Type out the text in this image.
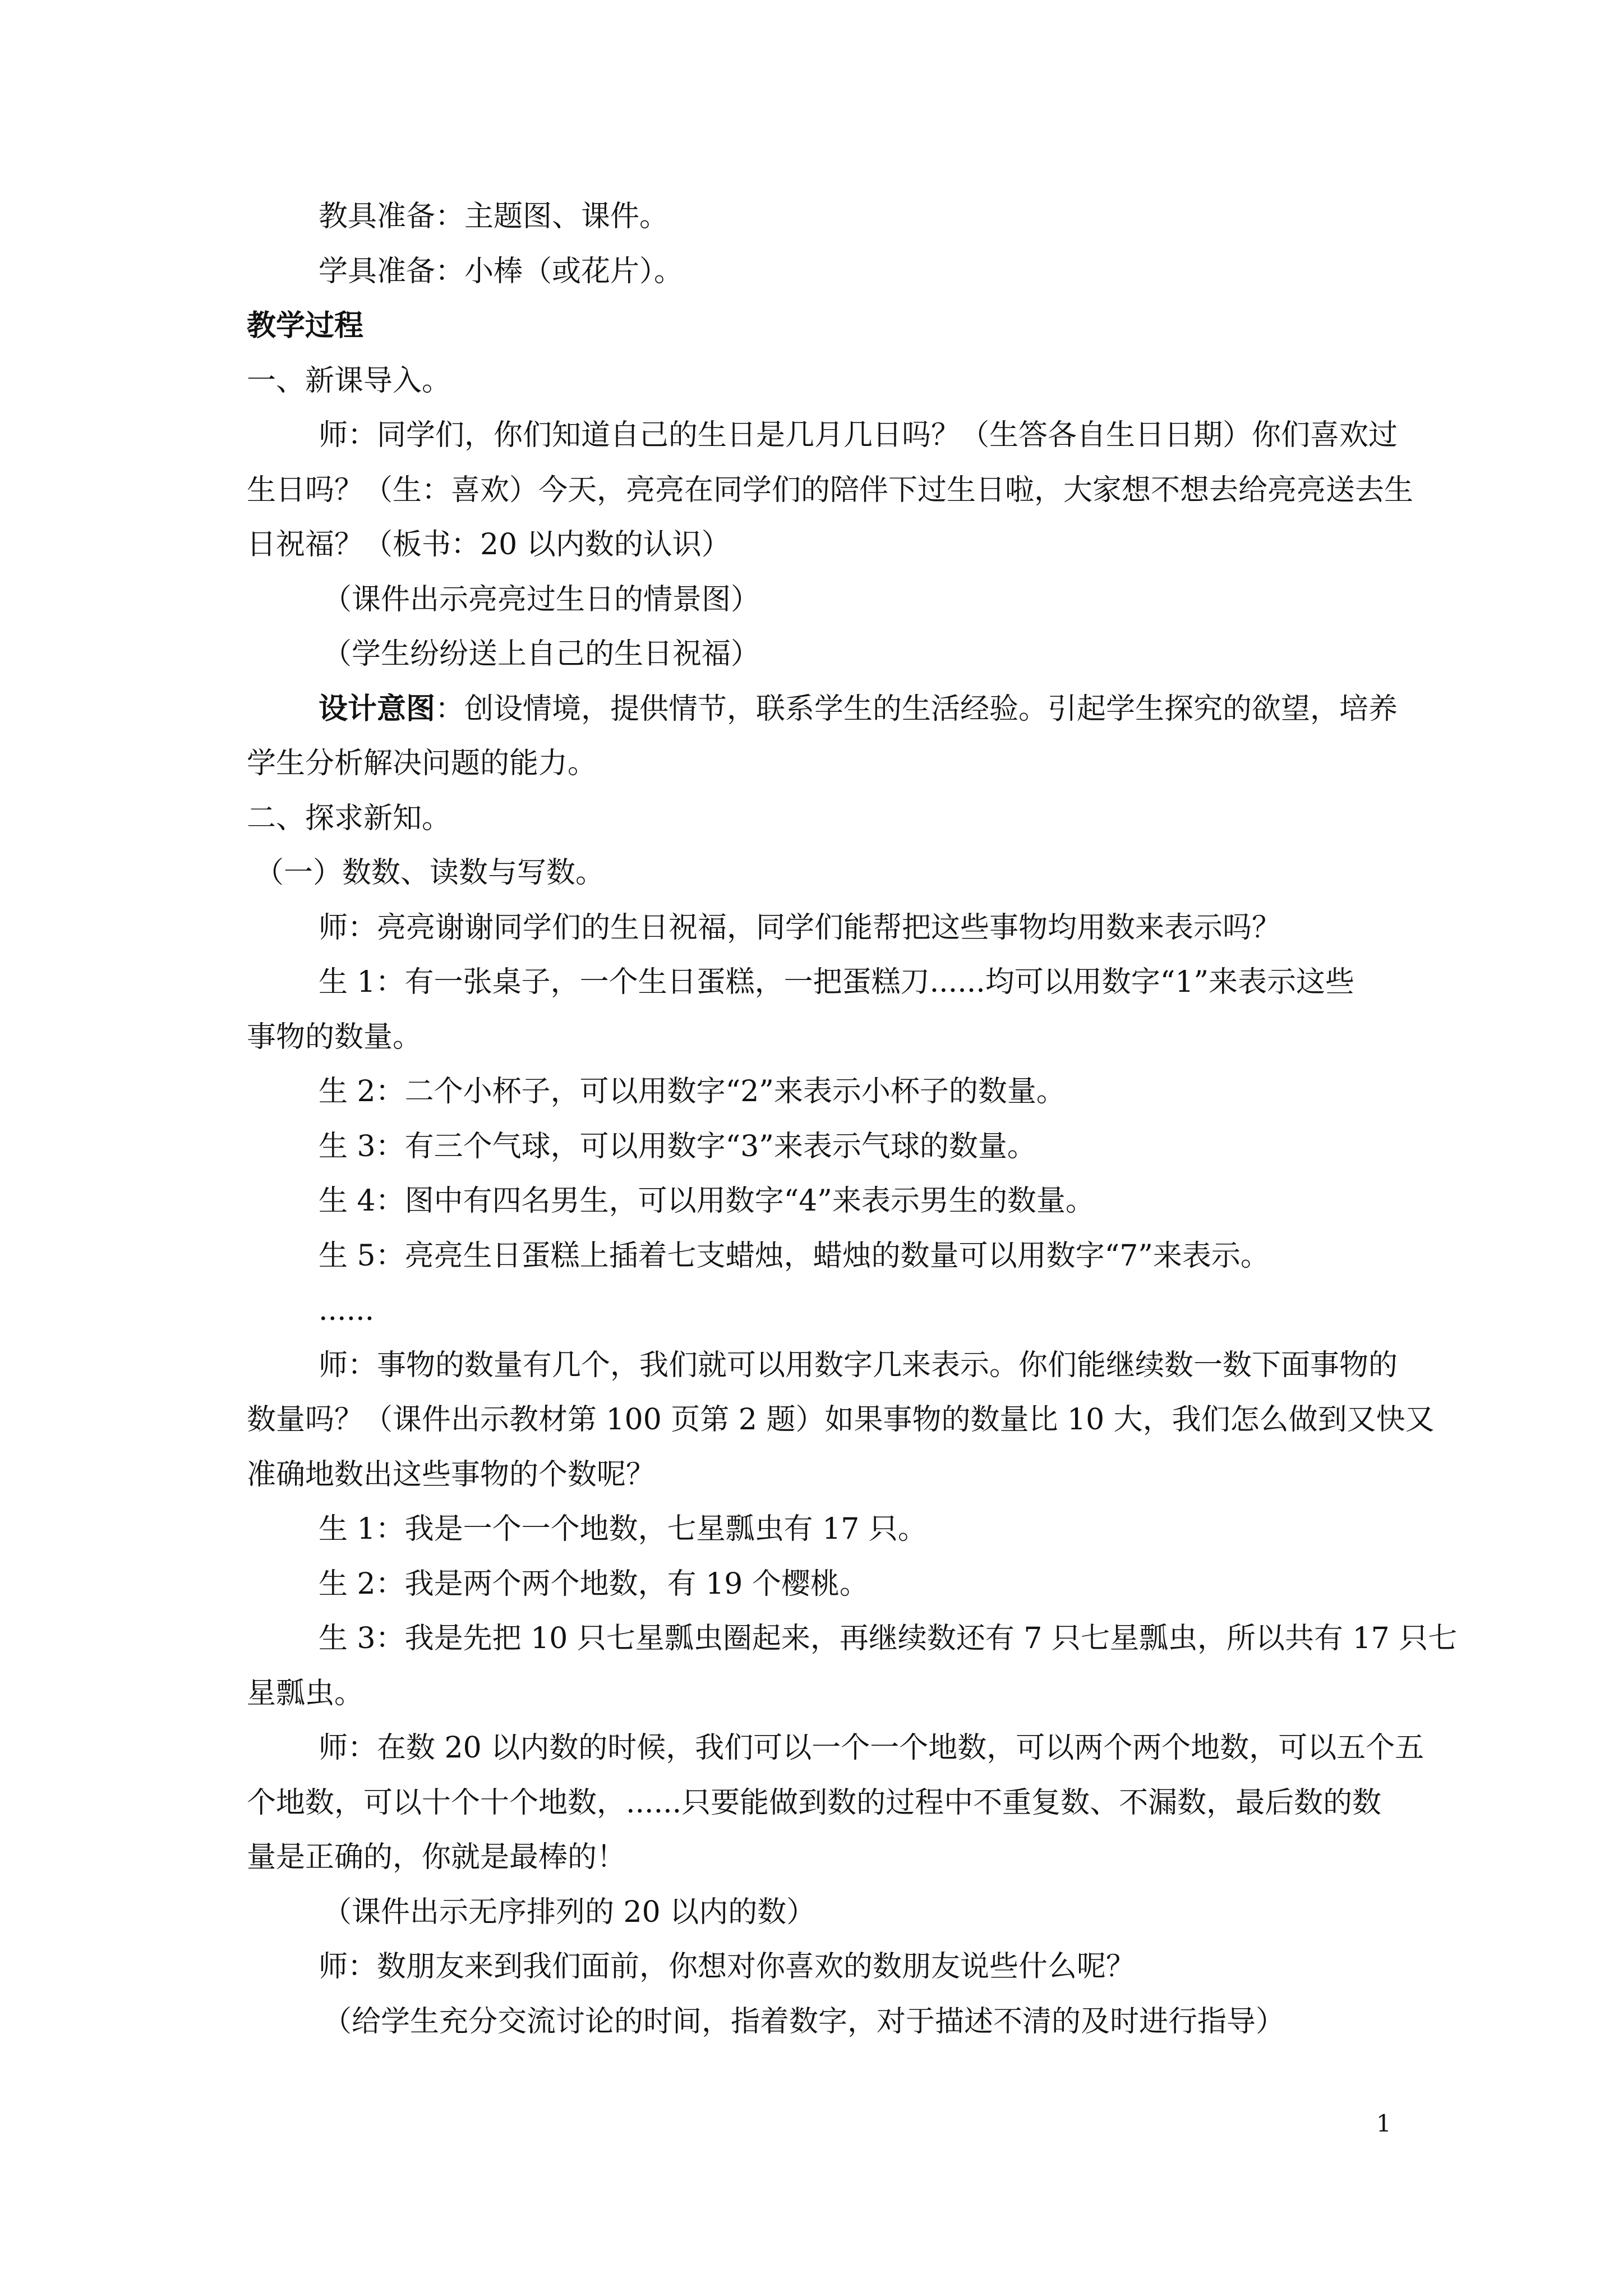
教具准备：主题图、课件。
学具准备：小棒（或花片）。
教学过程
一、新课导入。
师：同学们，你们知道自己的生日是几月几日吗？（生答各自生日日期）你们喜欢过
生日吗？（生：喜欢）今天，亮亮在同学们的陪伴下过生日啦，大家想不想去给亮亮送去生
日祝福？（板书：20 以内数的认识）
（课件出示亮亮过生日的情景图）
（学生纷纷送上自己的生日祝福）
设计意图：创设情境，提供情节，联系学生的生活经验。引起学生探究的欲望，培养
学生分析解决问题的能力。
二、探求新知。
（一）数数、读数与写数。
师：亮亮谢谢同学们的生日祝福，同学们能帮把这些事物均用数来表示吗？
生 1：有一张桌子，一个生日蛋糕，一把蛋糕刀......均可以用数字“1”来表示这些
事物的数量。
生 2：二个小杯子，可以用数字“2”来表示小杯子的数量。
生 3：有三个气球，可以用数字“3”来表示气球的数量。
生 4：图中有四名男生，可以用数字“4”来表示男生的数量。
生 5：亮亮生日蛋糕上插着七支蜡烛，蜡烛的数量可以用数字“7”来表示。
......
师：事物的数量有几个，我们就可以用数字几来表示。你们能继续数一数下面事物的
数量吗？（课件出示教材第 100 页第 2 题）如果事物的数量比 10 大，我们怎么做到又快又
准确地数出这些事物的个数呢？
生 1：我是一个一个地数，七星瓢虫有 17 只。
生 2：我是两个两个地数，有 19 个樱桃。
生 3：我是先把 10 只七星瓢虫圈起来，再继续数还有 7 只七星瓢虫，所以共有 17 只七
星瓢虫。
师：在数 20 以内数的时候，我们可以一个一个地数，可以两个两个地数，可以五个五
个地数，可以十个十个地数，......只要能做到数的过程中不重复数、不漏数，最后数的数
量是正确的，你就是最棒的！
（课件出示无序排列的 20 以内的数）
师：数朋友来到我们面前，你想对你喜欢的数朋友说些什么呢？
（给学生充分交流讨论的时间，指着数字，对于描述不清的及时进行指导）
1
